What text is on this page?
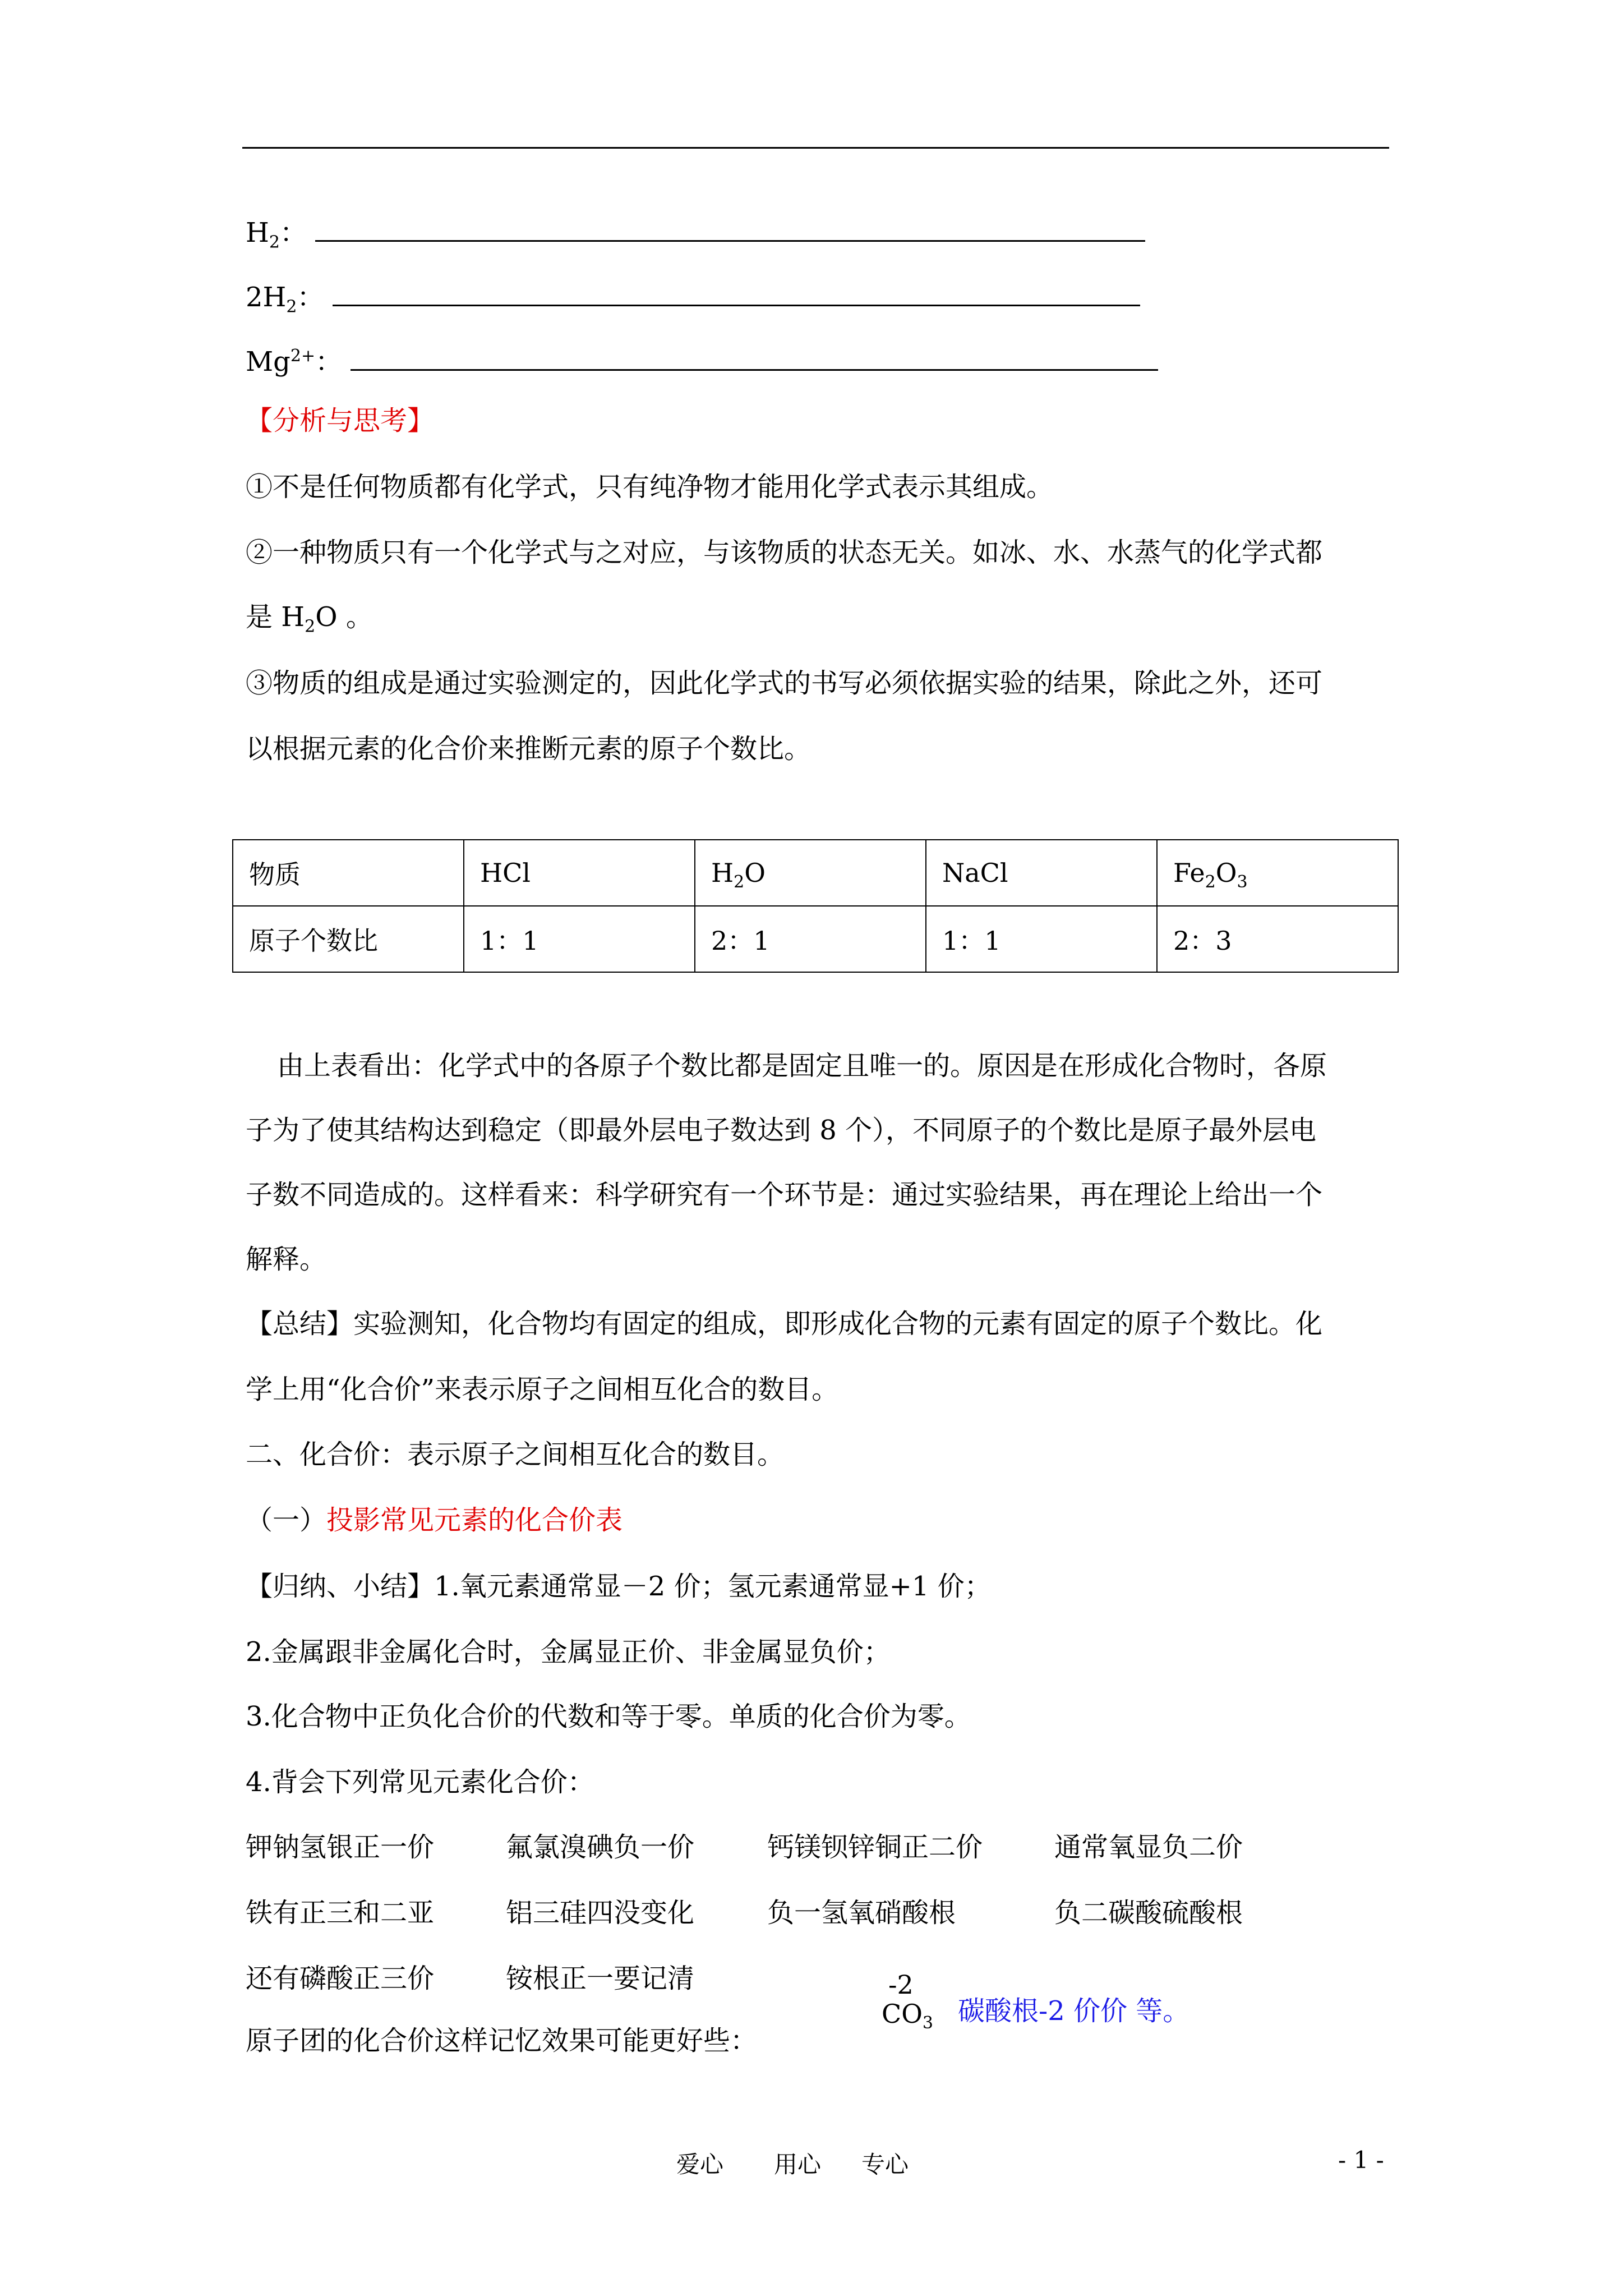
$H_2$：
$2H_2$：
$Mg^{2+}$：
【分析与思考】
①不是任何物质都有化学式，只有纯净物才能用化学式表示其组成。
②一种物质只有一个化学式与之对应，与该物质的状态无关。如冰、水、水蒸气的化学式都
是 $H_2O$ 。
③物质的组成是通过实验测定的，因此化学式的书写必须依据实验的结果，除此之外，还可
以根据元素的化合价来推断元素的原子个数比。
物质	HCl	$H_2O$	NaCl	$Fe_2O_3$
原子个数比	1：1	2：1	1：1	2：3
由上表看出：化学式中的各原子个数比都是固定且唯一的。原因是在形成化合物时，各原
子为了使其结构达到稳定（即最外层电子数达到 8 个），不同原子的个数比是原子最外层电
子数不同造成的。这样看来：科学研究有一个环节是：通过实验结果，再在理论上给出一个
解释。
【总结】实验测知，化合物均有固定的组成，即形成化合物的元素有固定的原子个数比。化
学上用“化合价”来表示原子之间相互化合的数目。
二、化合价：表示原子之间相互化合的数目。
（一）投影常见元素的化合价表
【归纳、小结】1.氧元素通常显－2 价；氢元素通常显+1 价；
2.金属跟非金属化合时，金属显正价、非金属显负价；
3.化合物中正负化合价的代数和等于零。单质的化合价为零。
4.背会下列常见元素化合价：
钾钠氢银正一价	氟氯溴碘负一价	钙镁钡锌铜正二价	通常氧显负二价
铁有正三和二亚	铝三硅四没变化	负一氢氧硝酸根	负二碳酸硫酸根
还有磷酸正三价	铵根正一要记清
原子团的化合价这样记忆效果可能更好些：
-2
$CO_3$ 碳酸根-2 价价 等。
爱心 用心 专心	- 1 -
